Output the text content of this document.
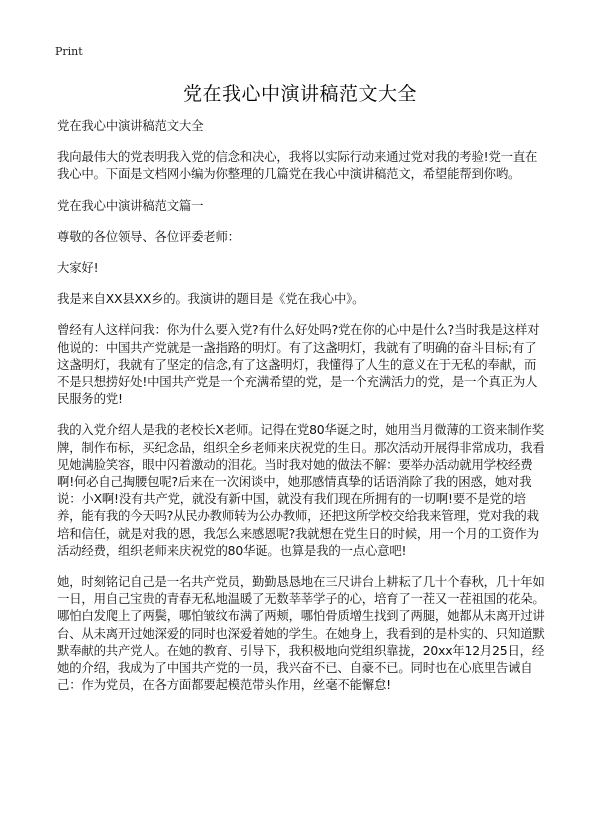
Print
党在我心中演讲稿范文大全

党在我心中演讲稿范文大全

我向最伟大的党表明我入党的信念和决心，我将以实际行动来通过党对我的考验!党一直在我心中。下面是文档网小编为你整理的几篇党在我心中演讲稿范文，希望能帮到你哟。

党在我心中演讲稿范文篇一

尊敬的各位领导、各位评委老师：

大家好!

我是来自XX县XX乡的。我演讲的题目是《党在我心中》。

曾经有人这样问我：你为什么要入党?有什么好处吗?党在你的心中是什么?当时我是这样对他说的：中国共产党就是一盏指路的明灯。有了这盏明灯，我就有了明确的奋斗目标;有了这盏明灯，我就有了坚定的信念,有了这盏明灯，我懂得了人生的意义在于无私的奉献，而不是只想捞好处!中国共产党是一个充满希望的党，是一个充满活力的党，是一个真正为人民服务的党!

我的入党介绍人是我的老校长X老师。记得在党80华诞之时，她用当月微薄的工资来制作奖牌，制作布标，买纪念品，组织全乡老师来庆祝党的生日。那次活动开展得非常成功，我看见她满脸笑容，眼中闪着激动的泪花。当时我对她的做法不解：要举办活动就用学校经费啊!何必自己掏腰包呢?后来在一次闲谈中，她那感情真挚的话语消除了我的困惑，她对我说：小X啊!没有共产党，就没有新中国，就没有我们现在所拥有的一切啊!要不是党的培养，能有我的今天吗?从民办教师转为公办教师，还把这所学校交给我来管理，党对我的栽培和信任，就是对我的恩，我怎么来感恩呢?我就想在党生日的时候，用一个月的工资作为活动经费，组织老师来庆祝党的80华诞。也算是我的一点心意吧!

她，时刻铭记自己是一名共产党员，勤勤恳恳地在三尺讲台上耕耘了几十个春秋，几十年如一日，用自己宝贵的青春无私地温暖了无数莘莘学子的心，培育了一茬又一茬祖国的花朵。哪怕白发爬上了两鬓，哪怕皱纹布满了两颊，哪怕骨质增生找到了两腿，她都从未离开过讲台、从未离开过她深爱的同时也深爱着她的学生。在她身上，我看到的是朴实的、只知道默默奉献的共产党人。在她的教育、引导下，我积极地向党组织靠拢，20xx年12月25日，经她的介绍，我成为了中国共产党的一员，我兴奋不已、自豪不已。同时也在心底里告诫自己：作为党员，在各方面都要起模范带头作用，丝毫不能懈怠!
